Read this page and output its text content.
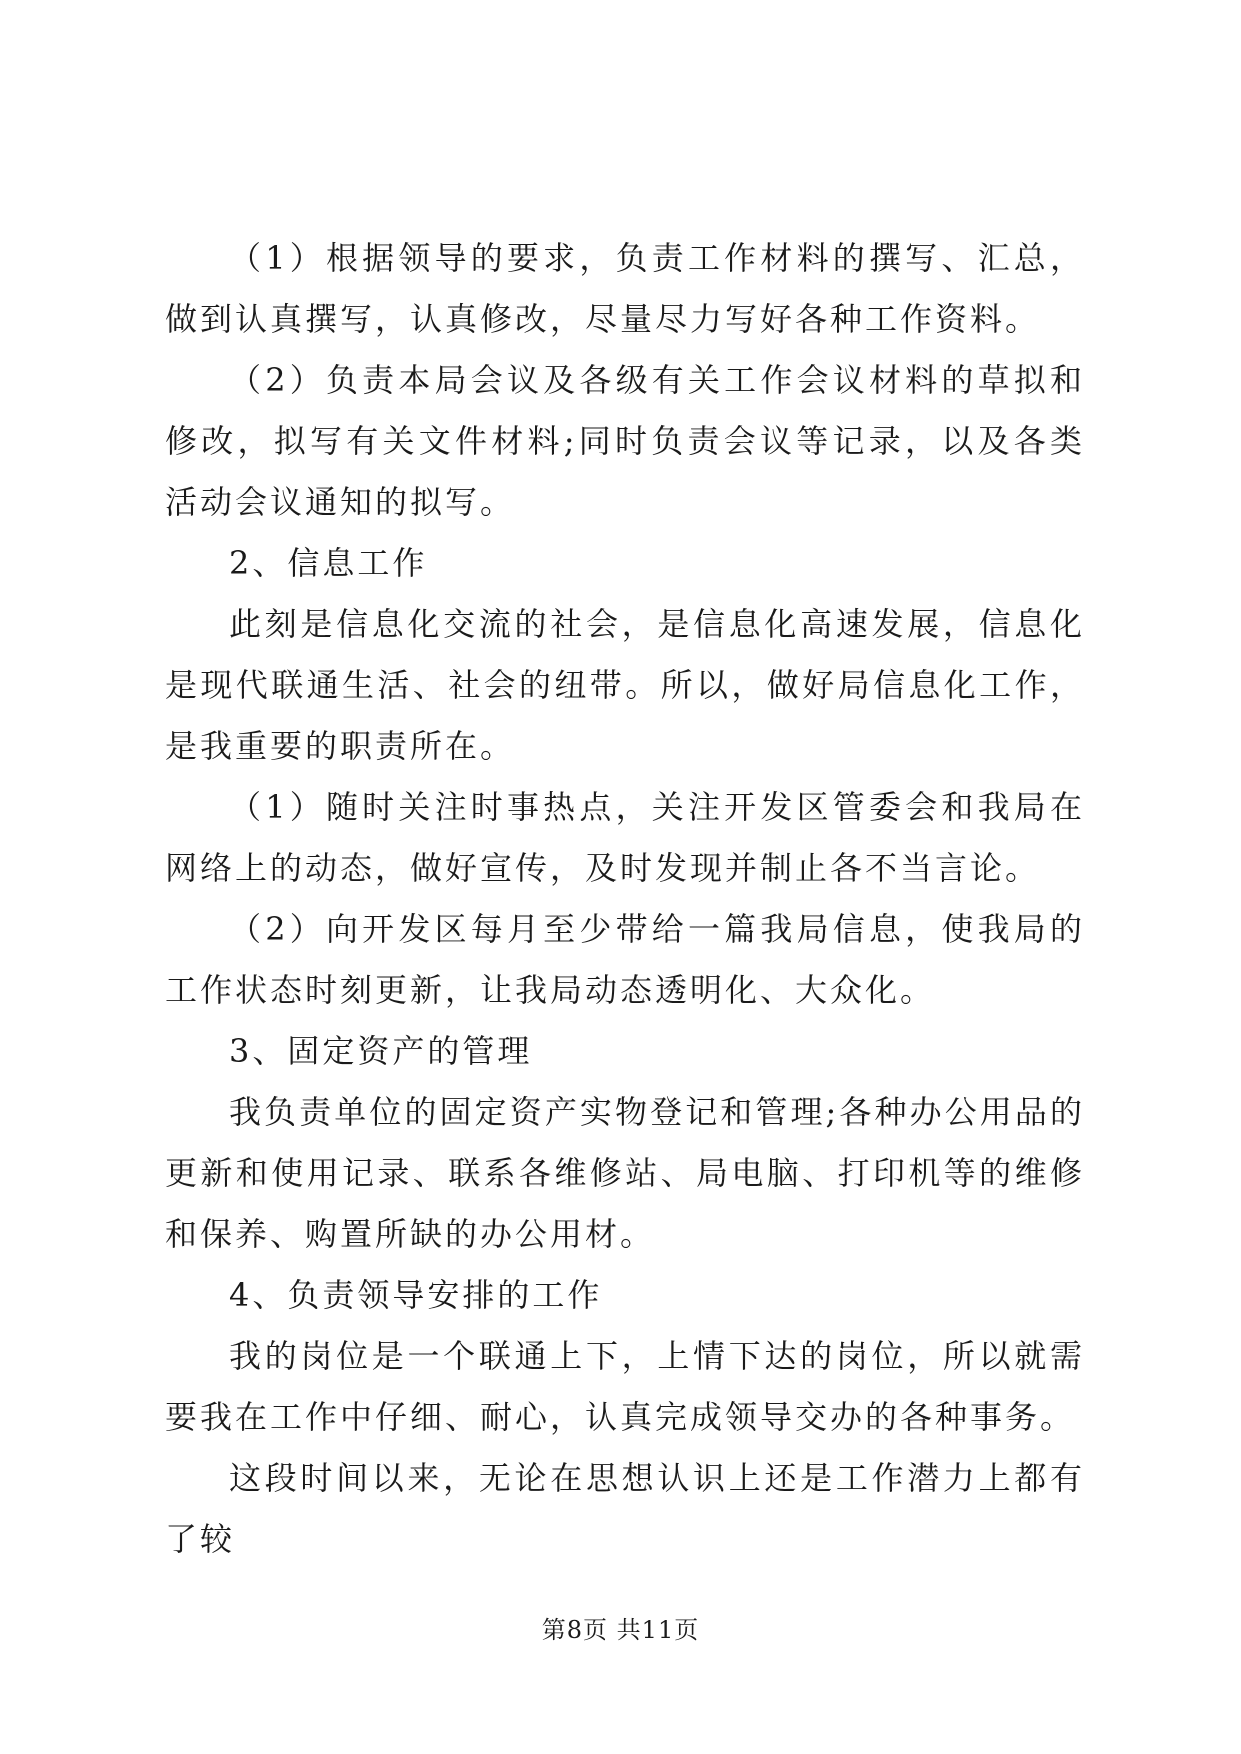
（1）根据领导的要求，负责工作材料的撰写、汇总，做到认真撰写，认真修改，尽量尽力写好各种工作资料。

（2）负责本局会议及各级有关工作会议材料的草拟和修改，拟写有关文件材料;同时负责会议等记录，以及各类活动会议通知的拟写。

2、信息工作

此刻是信息化交流的社会，是信息化高速发展，信息化是现代联通生活、社会的纽带。所以，做好局信息化工作，是我重要的职责所在。

（1）随时关注时事热点，关注开发区管委会和我局在网络上的动态，做好宣传，及时发现并制止各不当言论。

（2）向开发区每月至少带给一篇我局信息，使我局的工作状态时刻更新，让我局动态透明化、大众化。

3、固定资产的管理

我负责单位的固定资产实物登记和管理;各种办公用品的更新和使用记录、联系各维修站、局电脑、打印机等的维修和保养、购置所缺的办公用材。

4、负责领导安排的工作

我的岗位是一个联通上下，上情下达的岗位，所以就需要我在工作中仔细、耐心，认真完成领导交办的各种事务。

这段时间以来，无论在思想认识上还是工作潜力上都有了较

第8页 共11页
